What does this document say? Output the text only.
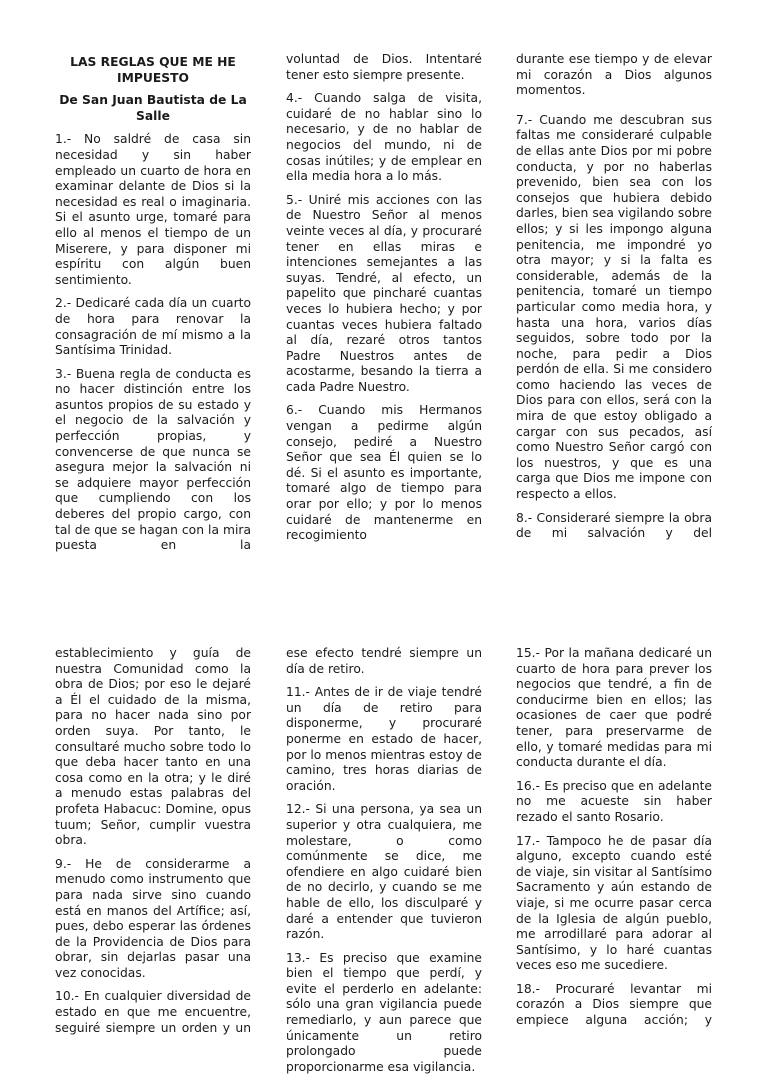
LAS REGLAS QUE ME HE IMPUESTO
De San Juan Bautista de La Salle

1.- No saldré de casa sin necesidad y sin haber empleado un cuarto de hora en examinar delante de Dios si la necesidad es real o imaginaria. Si el asunto urge, tomaré para ello al menos el tiempo de un Miserere, y para disponer mi espíritu con algún buen sentimiento.

2.- Dedicaré cada día un cuarto de hora para renovar la consagración de mí mismo a la Santísima Trinidad.

3.- Buena regla de conducta es no hacer distinción entre los asuntos propios de su estado y el negocio de la salvación y perfección propias, y convencerse de que nunca se asegura mejor la salvación ni se adquiere mayor perfección que cumpliendo con los deberes del propio cargo, con tal de que se hagan con la mira puesta en la

voluntad de Dios. Intentaré tener esto siempre presente.

4.- Cuando salga de visita, cuidaré de no hablar sino lo necesario, y de no hablar de negocios del mundo, ni de cosas inútiles; y de emplear en ella media hora a lo más.

5.- Uniré mis acciones con las de Nuestro Señor al menos veinte veces al día, y procuraré tener en ellas miras e intenciones semejantes a las suyas. Tendré, al efecto, un papelito que pincharé cuantas veces lo hubiera hecho; y por cuantas veces hubiera faltado al día, rezaré otros tantos Padre Nuestros antes de acostarme, besando la tierra a cada Padre Nuestro.

6.- Cuando mis Hermanos vengan a pedirme algún consejo, pediré a Nuestro Señor que sea Él quien se lo dé. Si el asunto es importante, tomaré algo de tiempo para orar por ello; y por lo menos cuidaré de mantenerme en recogimiento

durante ese tiempo y de elevar mi corazón a Dios algunos momentos.

7.- Cuando me descubran sus faltas me consideraré culpable de ellas ante Dios por mi pobre conducta, y por no haberlas prevenido, bien sea con los consejos que hubiera debido darles, bien sea vigilando sobre ellos; y si les impongo alguna penitencia, me impondré yo otra mayor; y si la falta es considerable, además de la penitencia, tomaré un tiempo particular como media hora, y hasta una hora, varios días seguidos, sobre todo por la noche, para pedir a Dios perdón de ella. Si me considero como haciendo las veces de Dios para con ellos, será con la mira de que estoy obligado a cargar con sus pecados, así como Nuestro Señor cargó con los nuestros, y que es una carga que Dios me impone con respecto a ellos.

8.- Consideraré siempre la obra de mi salvación y del

establecimiento y guía de nuestra Comunidad como la obra de Dios; por eso le dejaré a Él el cuidado de la misma, para no hacer nada sino por orden suya. Por tanto, le consultaré mucho sobre todo lo que deba hacer tanto en una cosa como en la otra; y le diré a menudo estas palabras del profeta Habacuc: Domine, opus tuum; Señor, cumplir vuestra obra.

9.- He de considerarme a menudo como instrumento que para nada sirve sino cuando está en manos del Artífice; así, pues, debo esperar las órdenes de la Providencia de Dios para obrar, sin dejarlas pasar una vez conocidas.

10.- En cualquier diversidad de estado en que me encuentre, seguiré siempre un orden y un

ese efecto tendré siempre un día de retiro.

11.- Antes de ir de viaje tendré un día de retiro para disponerme, y procuraré ponerme en estado de hacer, por lo menos mientras estoy de camino, tres horas diarias de oración.

12.- Si una persona, ya sea un superior y otra cualquiera, me molestare, o como comúnmente se dice, me ofendiere en algo cuidaré bien de no decirlo, y cuando se me hable de ello, los disculparé y daré a entender que tuvieron razón.

13.- Es preciso que examine bien el tiempo que perdí, y evite el perderlo en adelante: sólo una gran vigilancia puede remediarlo, y aun parece que únicamente un retiro prolongado puede proporcionarme esa vigilancia.

15.- Por la mañana dedicaré un cuarto de hora para prever los negocios que tendré, a fin de conducirme bien en ellos; las ocasiones de caer que podré tener, para preservarme de ello, y tomaré medidas para mi conducta durante el día.

16.- Es preciso que en adelante no me acueste sin haber rezado el santo Rosario.

17.- Tampoco he de pasar día alguno, excepto cuando esté de viaje, sin visitar al Santísimo Sacramento y aún estando de viaje, si me ocurre pasar cerca de la Iglesia de algún pueblo, me arrodillaré para adorar al Santísimo, y lo haré cuantas veces eso me sucediere.

18.- Procuraré levantar mi corazón a Dios siempre que empiece alguna acción; y
